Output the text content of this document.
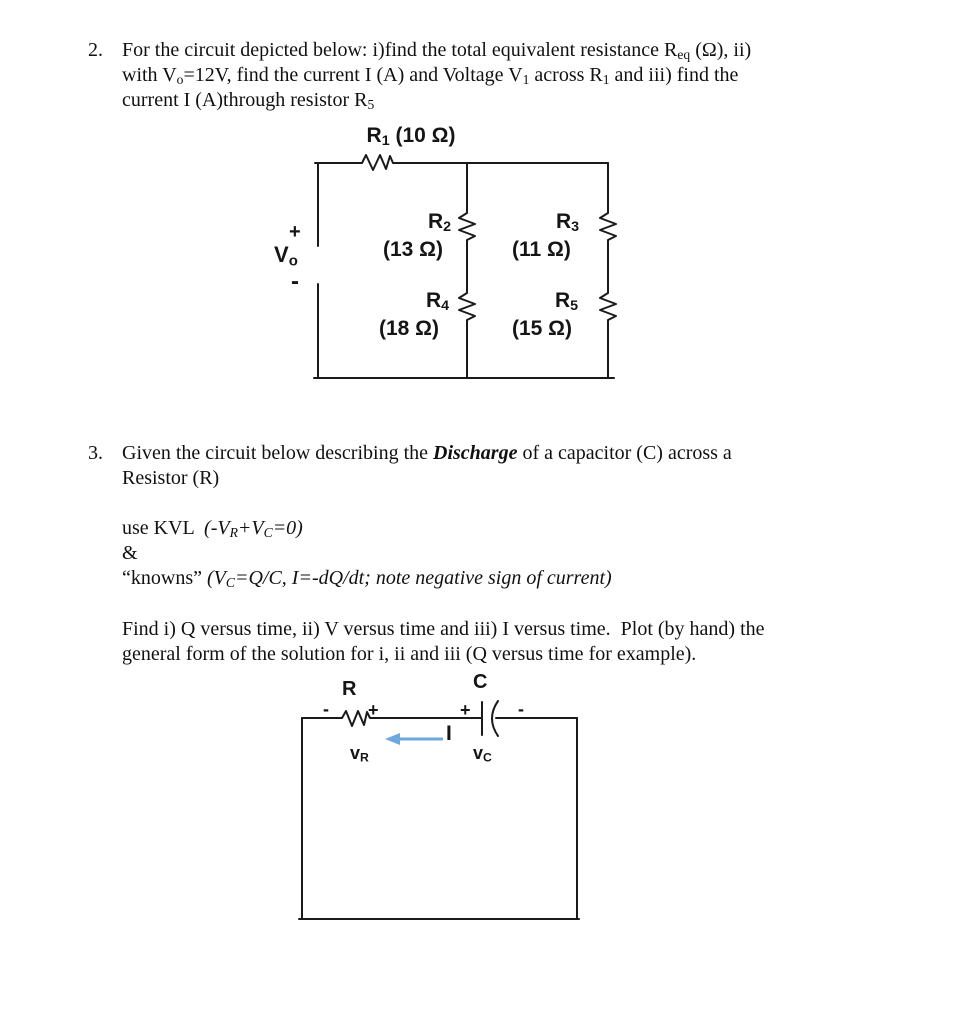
2. For the circuit depicted below: i)find the total equivalent resistance Req (Ω), ii)
with Vo=12V, find the current I (A) and Voltage V1 across R1 and iii) find the
current I (A)through resistor R5
R1 (10 Ω)
+
Vo
-
R2
(13 Ω)
R3
(11 Ω)
R4
(18 Ω)
R5
(15 Ω)
3. Given the circuit below describing the Discharge of a capacitor (C) across a
Resistor (R)
use KVL  (-VR+VC=0)
&
“knowns” (VC=Q/C, I=-dQ/dt; note negative sign of current)
Find i) Q versus time, ii) V versus time and iii) I versus time.  Plot (by hand) the
general form of the solution for i, ii and iii (Q versus time for example).
R	C
- +	+	-
I
vR	vC
